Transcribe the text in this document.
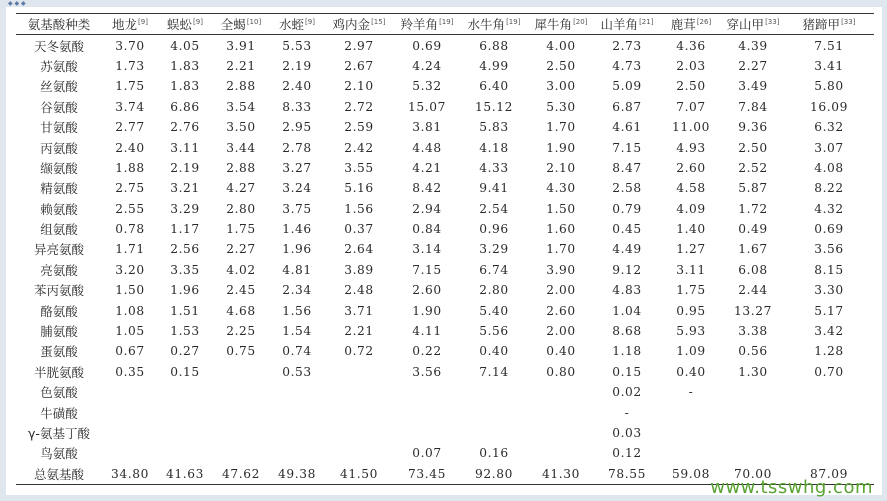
氨基酸种类	地龙[9]	蜈蚣[9]	全蝎[10]	水蛭[9]	鸡内金[15]	羚羊角[19]	水牛角[19]	犀牛角[20]	山羊角[21]	鹿茸[26]	穿山甲[33]	猪蹄甲[33]
天冬氨酸	3.70	4.05	3.91	5.53	2.97	0.69	6.88	4.00	2.73	4.36	4.39	7.51
苏氨酸	1.73	1.83	2.21	2.19	2.67	4.24	4.99	2.50	4.73	2.03	2.27	3.41
丝氨酸	1.75	1.83	2.88	2.40	2.10	5.32	6.40	3.00	5.09	2.50	3.49	5.80
谷氨酸	3.74	6.86	3.54	8.33	2.72	15.07	15.12	5.30	6.87	7.07	7.84	16.09
甘氨酸	2.77	2.76	3.50	2.95	2.59	3.81	5.83	1.70	4.61	11.00	9.36	6.32
丙氨酸	2.40	3.11	3.44	2.78	2.42	4.48	4.18	1.90	7.15	4.93	2.50	3.07
缬氨酸	1.88	2.19	2.88	3.27	3.55	4.21	4.33	2.10	8.47	2.60	2.52	4.08
精氨酸	2.75	3.21	4.27	3.24	5.16	8.42	9.41	4.30	2.58	4.58	5.87	8.22
赖氨酸	2.55	3.29	2.80	3.75	1.56	2.94	2.54	1.50	0.79	4.09	1.72	4.32
组氨酸	0.78	1.17	1.75	1.46	0.37	0.84	0.96	1.60	0.45	1.40	0.49	0.69
异亮氨酸	1.71	2.56	2.27	1.96	2.64	3.14	3.29	1.70	4.49	1.27	1.67	3.56
亮氨酸	3.20	3.35	4.02	4.81	3.89	7.15	6.74	3.90	9.12	3.11	6.08	8.15
苯丙氨酸	1.50	1.96	2.45	2.34	2.48	2.60	2.80	2.00	4.83	1.75	2.44	3.30
酪氨酸	1.08	1.51	4.68	1.56	3.71	1.90	5.40	2.60	1.04	0.95	13.27	5.17
脯氨酸	1.05	1.53	2.25	1.54	2.21	4.11	5.56	2.00	8.68	5.93	3.38	3.42
蛋氨酸	0.67	0.27	0.75	0.74	0.72	0.22	0.40	0.40	1.18	1.09	0.56	1.28
半胱氨酸	0.35	0.15		0.53		3.56	7.14	0.80	0.15	0.40	1.30	0.70
色氨酸									0.02	-		
牛磺酸									-			
γ-氨基丁酸									0.03			
鸟氨酸						0.07	0.16		0.12			
总氨基酸	34.80	41.63	47.62	49.38	41.50	73.45	92.80	41.30	78.55	59.08	70.00	87.09
◆ ◆ ◆
www.tsswhg.com
